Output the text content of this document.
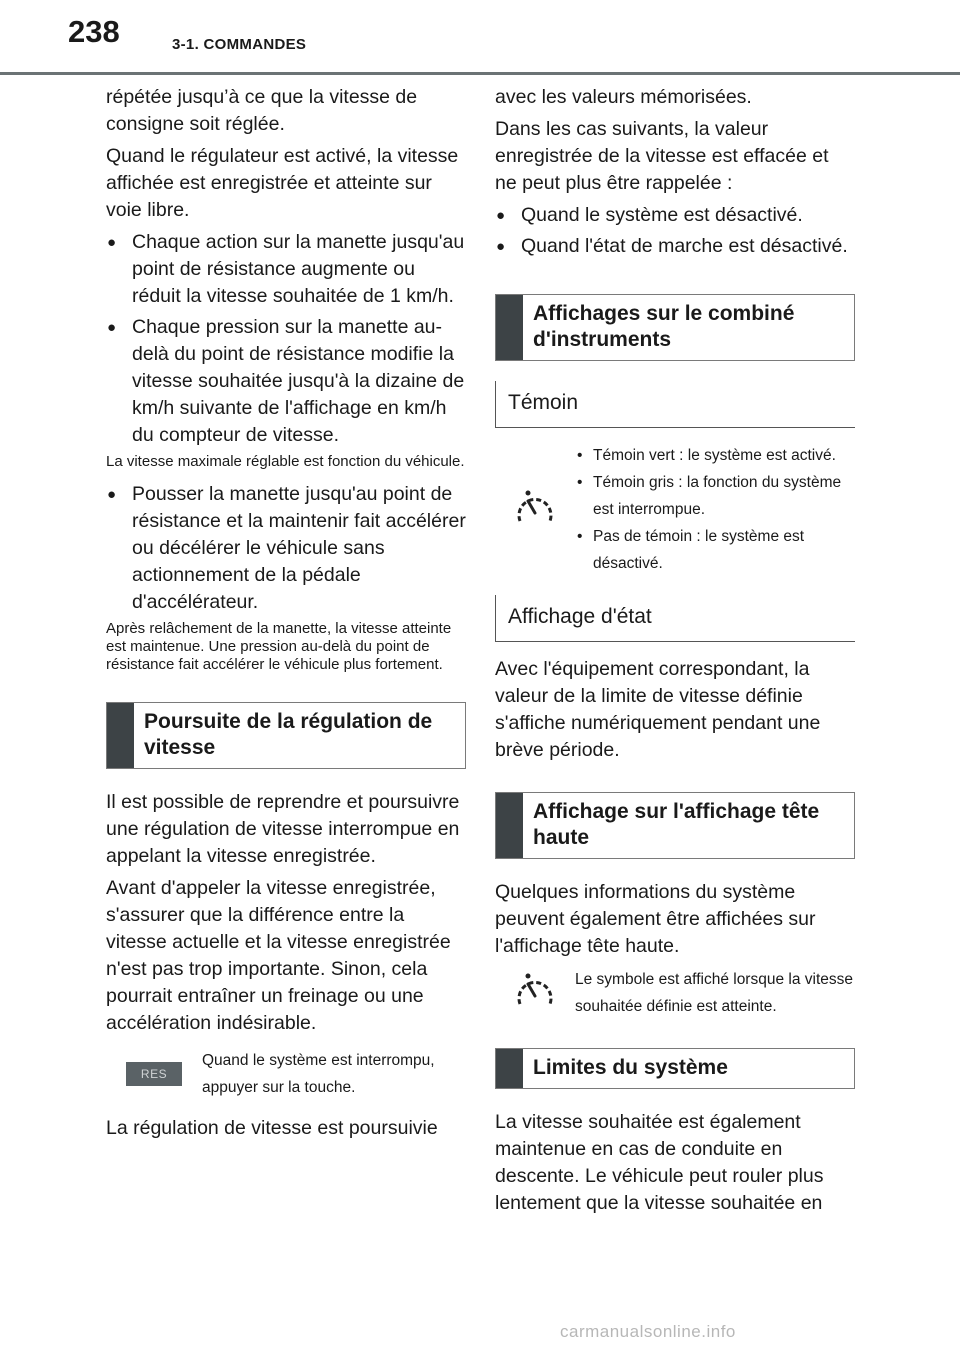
238	3-1. COMMANDES

répétée jusqu’à ce que la vitesse de consigne soit réglée.

Quand le régulateur est activé, la vitesse affichée est enregistrée et atteinte sur voie libre.

● Chaque action sur la manette jusqu'au point de résistance augmente ou réduit la vitesse souhaitée de 1 km/h.
● Chaque pression sur la manette au-delà du point de résistance modifie la vitesse souhaitée jusqu'à la dizaine de km/h suivante de l'affichage en km/h du compteur de vitesse.

La vitesse maximale réglable est fonction du véhicule.

● Pousser la manette jusqu'au point de résistance et la maintenir fait accélérer ou décélérer le véhicule sans actionnement de la pédale d'accélérateur.

Après relâchement de la manette, la vitesse atteinte est maintenue. Une pression au-delà du point de résistance fait accélérer le véhicule plus fortement.

Poursuite de la régulation de vitesse

Il est possible de reprendre et poursuivre une régulation de vitesse interrompue en appelant la vitesse enregistrée.

Avant d'appeler la vitesse enregistrée, s'assurer que la différence entre la vitesse actuelle et la vitesse enregistrée n'est pas trop importante. Sinon, cela pourrait entraîner un freinage ou une accélération indésirable.

RES
Quand le système est interrompu, appuyer sur la touche.

La régulation de vitesse est poursuivie

avec les valeurs mémorisées.

Dans les cas suivants, la valeur enregistrée de la vitesse est effacée et ne peut plus être rappelée :

● Quand le système est désactivé.
● Quand l'état de marche est désactivé.
Affichages sur le combiné d'instruments
Témoin
• Témoin vert : le système est activé.
• Témoin gris : la fonction du système est interrompue.
• Pas de témoin : le système est désactivé.
Affichage d'état

Avec l'équipement correspondant, la valeur de la limite de vitesse définie s'affiche numériquement pendant une brève période.

Affichage sur l'affichage tête haute

Quelques informations du système peuvent également être affichées sur l'affichage tête haute.

Le symbole est affiché lorsque la vitesse souhaitée définie est atteinte.
Limites du système

La vitesse souhaitée est également maintenue en cas de conduite en descente. Le véhicule peut rouler plus lentement que la vitesse souhaitée en

carmanualsonline.info
